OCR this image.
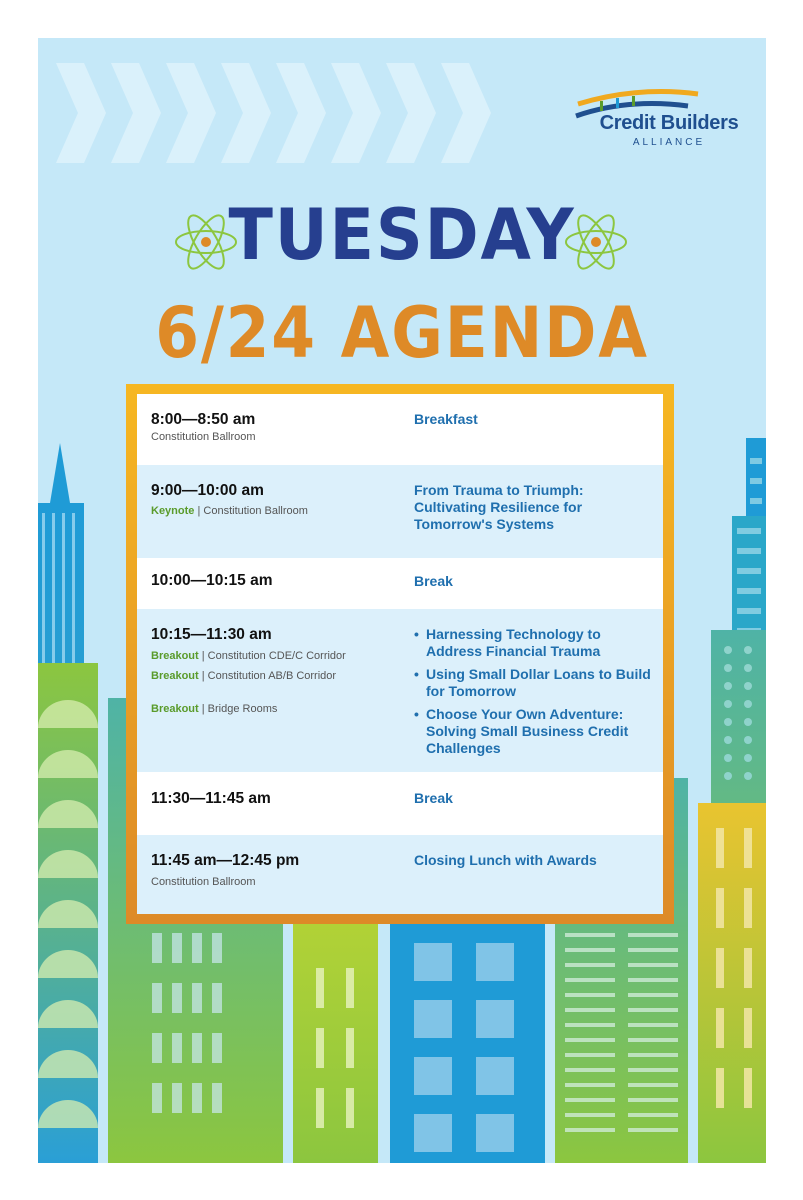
Credit Builders
ALLIANCE
TUESDAY
6/24 AGENDA
8:00—8:50 am
Constitution Ballroom
Breakfast
9:00—10:00 am
Keynote | Constitution Ballroom
From Trauma to Triumph: Cultivating Resilience for Tomorrow's Systems
10:00—10:15 am	Break
10:15—11:30 am
Breakout | Constitution CDE/C Corridor
Breakout | Constitution AB/B Corridor
Breakout | Bridge Rooms
• Harnessing Technology to Address Financial Trauma
• Using Small Dollar Loans to Build for Tomorrow
• Choose Your Own Adventure: Solving Small Business Credit Challenges
11:30—11:45 am	Break
11:45 am—12:45 pm
Constitution Ballroom
Closing Lunch with Awards
